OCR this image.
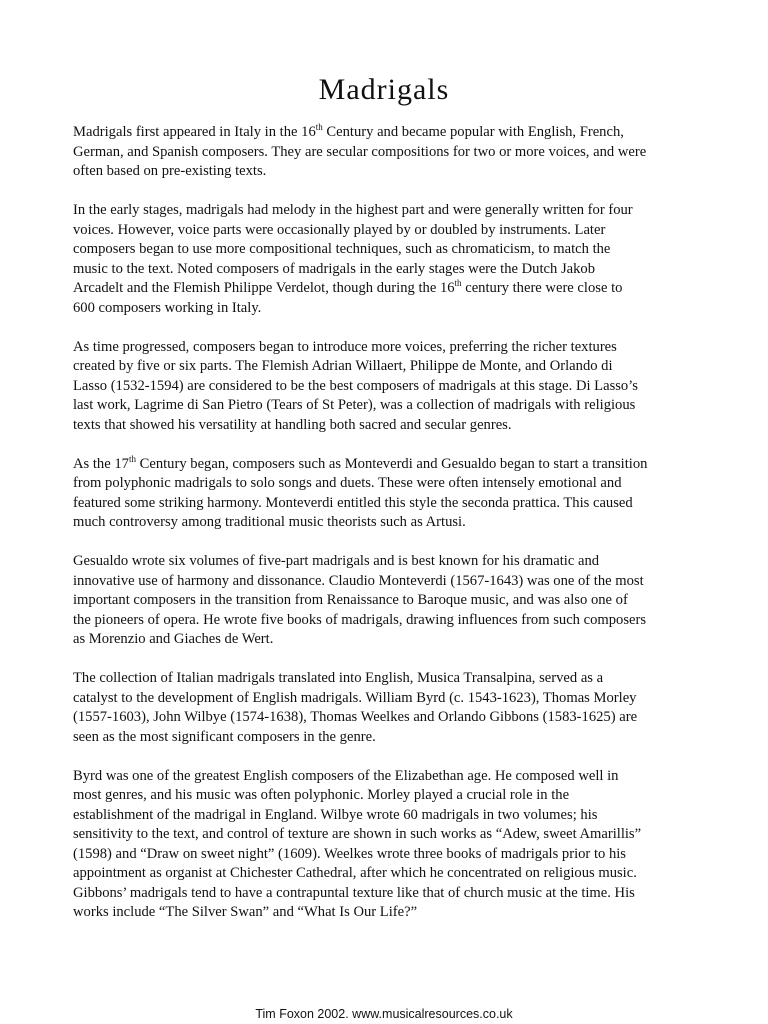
Madrigals

Madrigals first appeared in Italy in the 16th Century and became popular with English, French,
German, and Spanish composers. They are secular compositions for two or more voices, and were
often based on pre-existing texts.

In the early stages, madrigals had melody in the highest part and were generally written for four
voices. However, voice parts were occasionally played by or doubled by instruments. Later
composers began to use more compositional techniques, such as chromaticism, to match the
music to the text. Noted composers of madrigals in the early stages were the Dutch Jakob
Arcadelt and the Flemish Philippe Verdelot, though during the 16th century there were close to
600 composers working in Italy.

As time progressed, composers began to introduce more voices, preferring the richer textures
created by five or six parts. The Flemish Adrian Willaert, Philippe de Monte, and Orlando di
Lasso (1532-1594) are considered to be the best composers of madrigals at this stage. Di Lasso’s
last work, Lagrime di San Pietro (Tears of St Peter), was a collection of madrigals with religious
texts that showed his versatility at handling both sacred and secular genres.

As the 17th Century began, composers such as Monteverdi and Gesualdo began to start a transition
from polyphonic madrigals to solo songs and duets. These were often intensely emotional and
featured some striking harmony. Monteverdi entitled this style the seconda prattica. This caused
much controversy among traditional music theorists such as Artusi.

Gesualdo wrote six volumes of five-part madrigals and is best known for his dramatic and
innovative use of harmony and dissonance. Claudio Monteverdi (1567-1643) was one of the most
important composers in the transition from Renaissance to Baroque music, and was also one of
the pioneers of opera. He wrote five books of madrigals, drawing influences from such composers
as Morenzio and Giaches de Wert.

The collection of Italian madrigals translated into English, Musica Transalpina, served as a
catalyst to the development of English madrigals. William Byrd (c. 1543-1623), Thomas Morley
(1557-1603), John Wilbye (1574-1638), Thomas Weelkes and Orlando Gibbons (1583-1625) are
seen as the most significant composers in the genre.

Byrd was one of the greatest English composers of the Elizabethan age. He composed well in
most genres, and his music was often polyphonic. Morley played a crucial role in the
establishment of the madrigal in England. Wilbye wrote 60 madrigals in two volumes; his
sensitivity to the text, and control of texture are shown in such works as “Adew, sweet Amarillis”
(1598) and “Draw on sweet night” (1609). Weelkes wrote three books of madrigals prior to his
appointment as organist at Chichester Cathedral, after which he concentrated on religious music.
Gibbons’ madrigals tend to have a contrapuntal texture like that of church music at the time. His
works include “The Silver Swan” and “What Is Our Life?”

Tim Foxon 2002. www.musicalresources.co.uk
